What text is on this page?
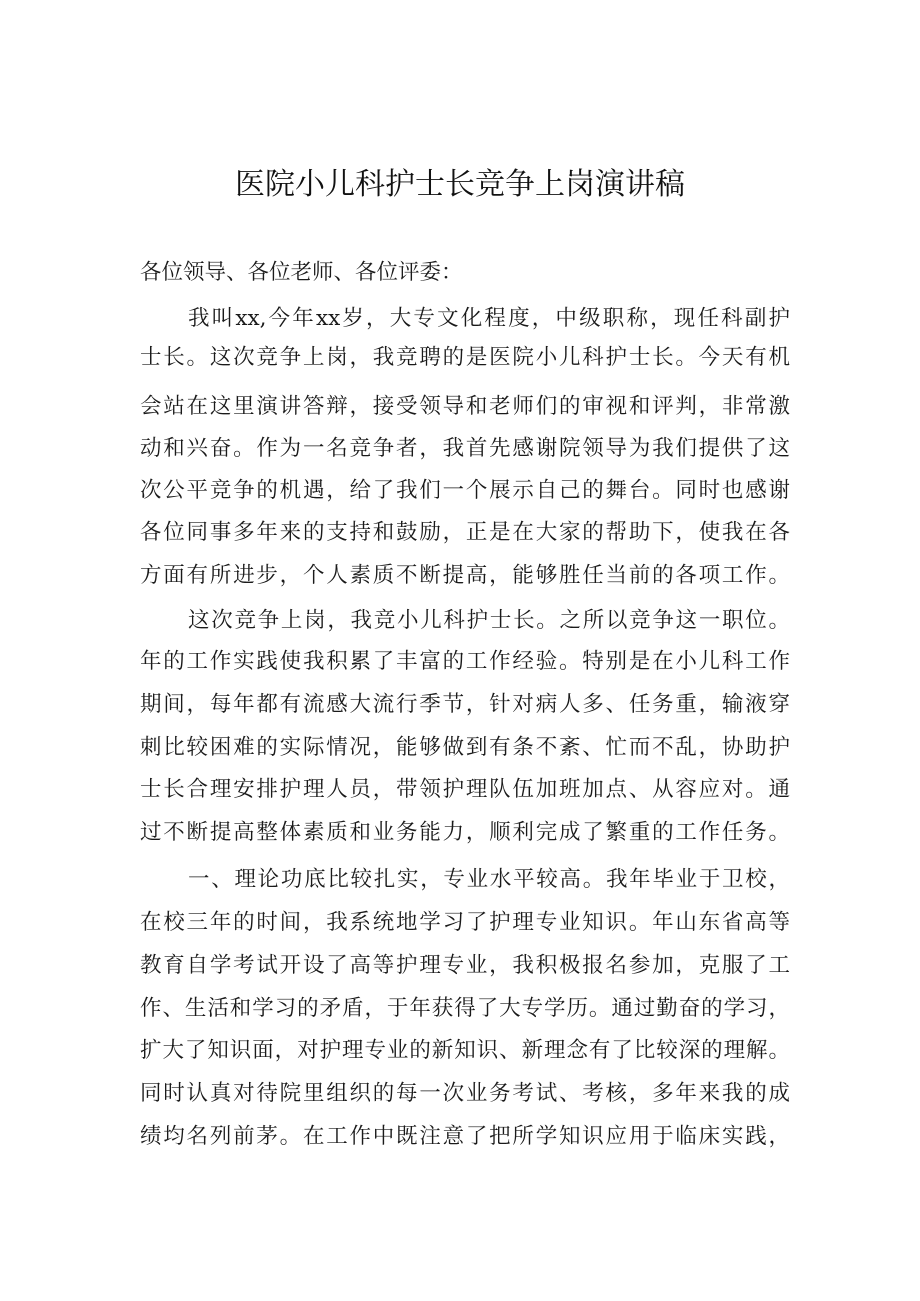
医院小儿科护士长竞争上岗演讲稿

各位领导、各位老师、各位评委：

我叫xx,今年xx岁，大专文化程度，中级职称，现任科副护

士长。这次竞争上岗，我竞聘的是医院小儿科护士长。今天有机

会站在这里演讲答辩，接受领导和老师们的审视和评判，非常激

动和兴奋。作为一名竞争者，我首先感谢院领导为我们提供了这

次公平竞争的机遇，给了我们一个展示自己的舞台。同时也感谢

各位同事多年来的支持和鼓励，正是在大家的帮助下，使我在各

方面有所进步，个人素质不断提高，能够胜任当前的各项工作。

这次竞争上岗，我竞小儿科护士长。之所以竞争这一职位。

年的工作实践使我积累了丰富的工作经验。特别是在小儿科工作

期间，每年都有流感大流行季节，针对病人多、任务重，输液穿

刺比较困难的实际情况，能够做到有条不紊、忙而不乱，协助护

士长合理安排护理人员，带领护理队伍加班加点、从容应对。通

过不断提高整体素质和业务能力，顺利完成了繁重的工作任务。

一、理论功底比较扎实，专业水平较高。我年毕业于卫校，

在校三年的时间，我系统地学习了护理专业知识。年山东省高等

教育自学考试开设了高等护理专业，我积极报名参加，克服了工

作、生活和学习的矛盾，于年获得了大专学历。通过勤奋的学习，

扩大了知识面，对护理专业的新知识、新理念有了比较深的理解。

同时认真对待院里组织的每一次业务考试、考核，多年来我的成

绩均名列前茅。在工作中既注意了把所学知识应用于临床实践，
